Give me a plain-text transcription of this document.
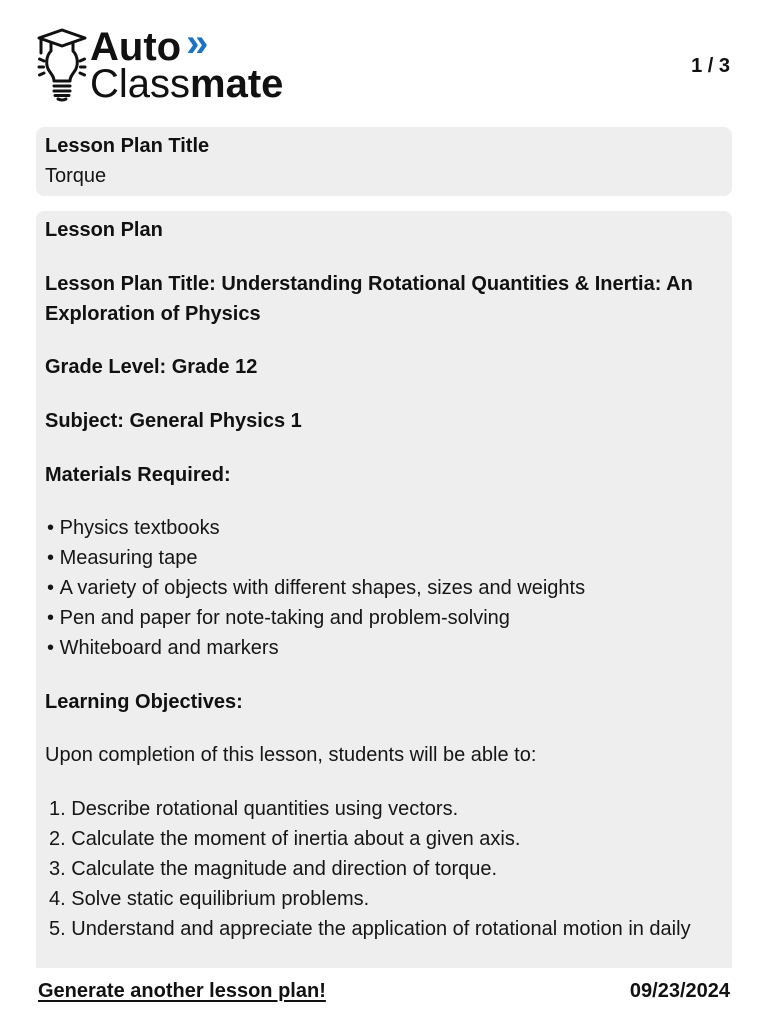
Auto »
Classmate	1 / 3
Lesson Plan Title
Torque

Lesson Plan

Lesson Plan Title: Understanding Rotational Quantities & Inertia: An Exploration of Physics

Grade Level: Grade 12

Subject: General Physics 1

Materials Required:

• Physics textbooks
• Measuring tape
• A variety of objects with different shapes, sizes and weights
• Pen and paper for note-taking and problem-solving
• Whiteboard and markers

Learning Objectives:

Upon completion of this lesson, students will be able to:

1. Describe rotational quantities using vectors.
2. Calculate the moment of inertia about a given axis.
3. Calculate the magnitude and direction of torque.
4. Solve static equilibrium problems.
5. Understand and appreciate the application of rotational motion in daily
Generate another lesson plan!	09/23/2024
